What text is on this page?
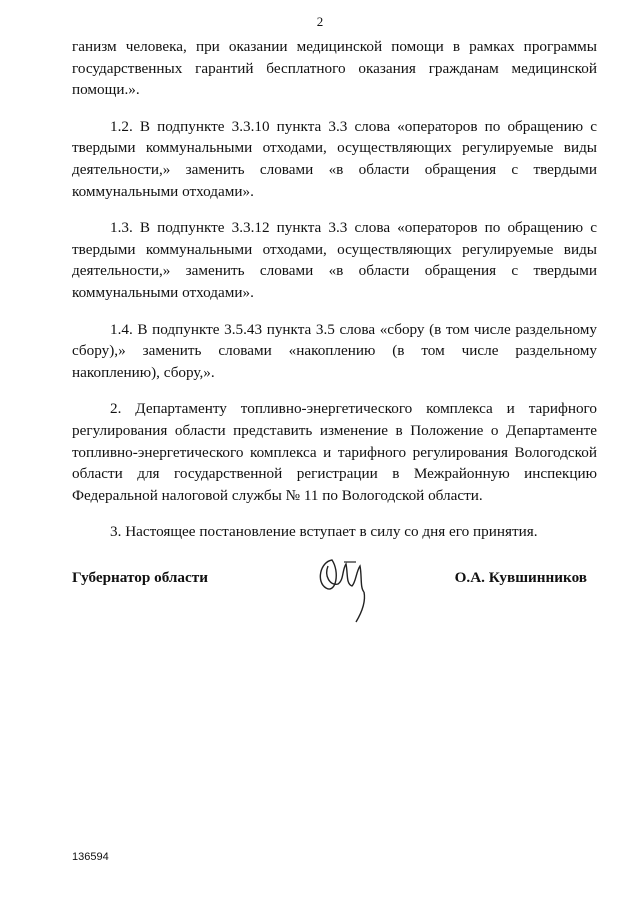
2

ганизм человека, при оказании медицинской помощи в рамках программы государственных гарантий бесплатного оказания гражданам медицинской помощи.».

1.2. В подпункте 3.3.10 пункта 3.3 слова «операторов по обращению с твердыми коммунальными отходами, осуществляющих регулируемые виды деятельности,» заменить словами «в области обращения с твердыми коммунальными отходами».

1.3. В подпункте 3.3.12 пункта 3.3 слова «операторов по обращению с твердыми коммунальными отходами, осуществляющих регулируемые виды деятельности,» заменить словами «в области обращения с твердыми коммунальными отходами».

1.4. В подпункте 3.5.43 пункта 3.5 слова «сбору (в том числе раздельному сбору),» заменить словами «накоплению (в том числе раздельному накоплению), сбору,».

2. Департаменту топливно-энергетического комплекса и тарифного регулирования области представить изменение в Положение о Департаменте топливно-энергетического комплекса и тарифного регулирования Вологодской области для государственной регистрации в Межрайонную инспекцию Федеральной налоговой службы № 11 по Вологодской области.

3. Настоящее постановление вступает в силу со дня его принятия.

Губернатор области	О.А. Кувшинников
136594
